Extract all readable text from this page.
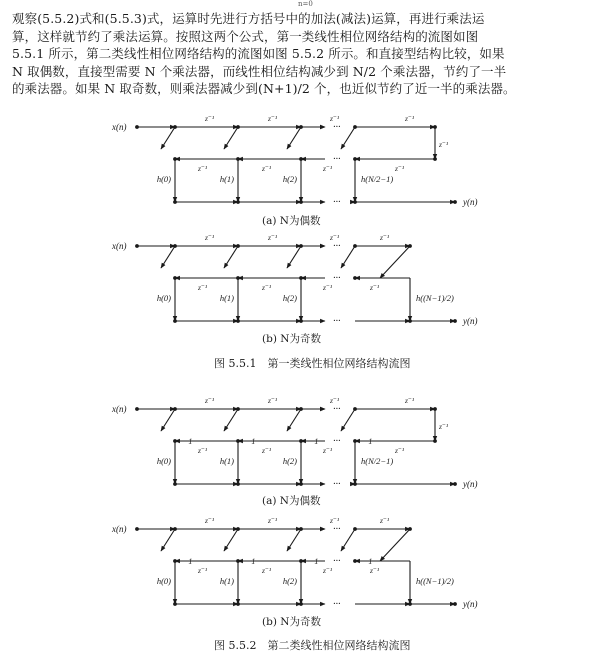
n=0
观察(5.5.2)式和(5.5.3)式，运算时先进行方括号中的加法(减法)运算，再进行乘法运
算，这样就节约了乘法运算。按照这两个公式，第一类线性相位网络结构的流图如图
5.5.1 所示，第二类线性相位网络结构的流图如图 5.5.2 所示。和直接型结构比较，如果
N 取偶数，直接型需要 N 个乘法器，而线性相位结构减少到 N/2 个乘法器，节约了一半
的乘法器。如果 N 取奇数，则乘法器减少到(N+1)/2 个，也近似节约了近一半的乘法器。
x(n)	···
z⁻¹	z⁻¹	z⁻¹	z⁻¹
···
z⁻¹	z⁻¹	z⁻¹	z⁻¹
z⁻¹
h(0)	h(1)	h(2)	h(N/2−1)
···	y(n)
x(n)	···
z⁻¹	z⁻¹	z⁻¹	z⁻¹
···
z⁻¹	z⁻¹	z⁻¹	z⁻¹
h(0)	h(1)	h(2)	h((N−1)/2)
···	y(n)
x(n)	···
z⁻¹	z⁻¹	z⁻¹	z⁻¹
···
z⁻¹	z⁻¹	z⁻¹	z⁻¹
−1	−1	−1	−1
z⁻¹
h(0)	h(1)	h(2)	h(N/2−1)
···	y(n)
x(n)	···
z⁻¹	z⁻¹	z⁻¹	z⁻¹
···
z⁻¹	z⁻¹	z⁻¹	z⁻¹
−1	−1	−1	−1
h(0)	h(1)	h(2)	h((N−1)/2)
···	y(n)
(a) N为偶数
(b) N为奇数
图 5.5.1　第一类线性相位网络结构流图
(a) N为偶数
(b) N为奇数
图 5.5.2　第二类线性相位网络结构流图
